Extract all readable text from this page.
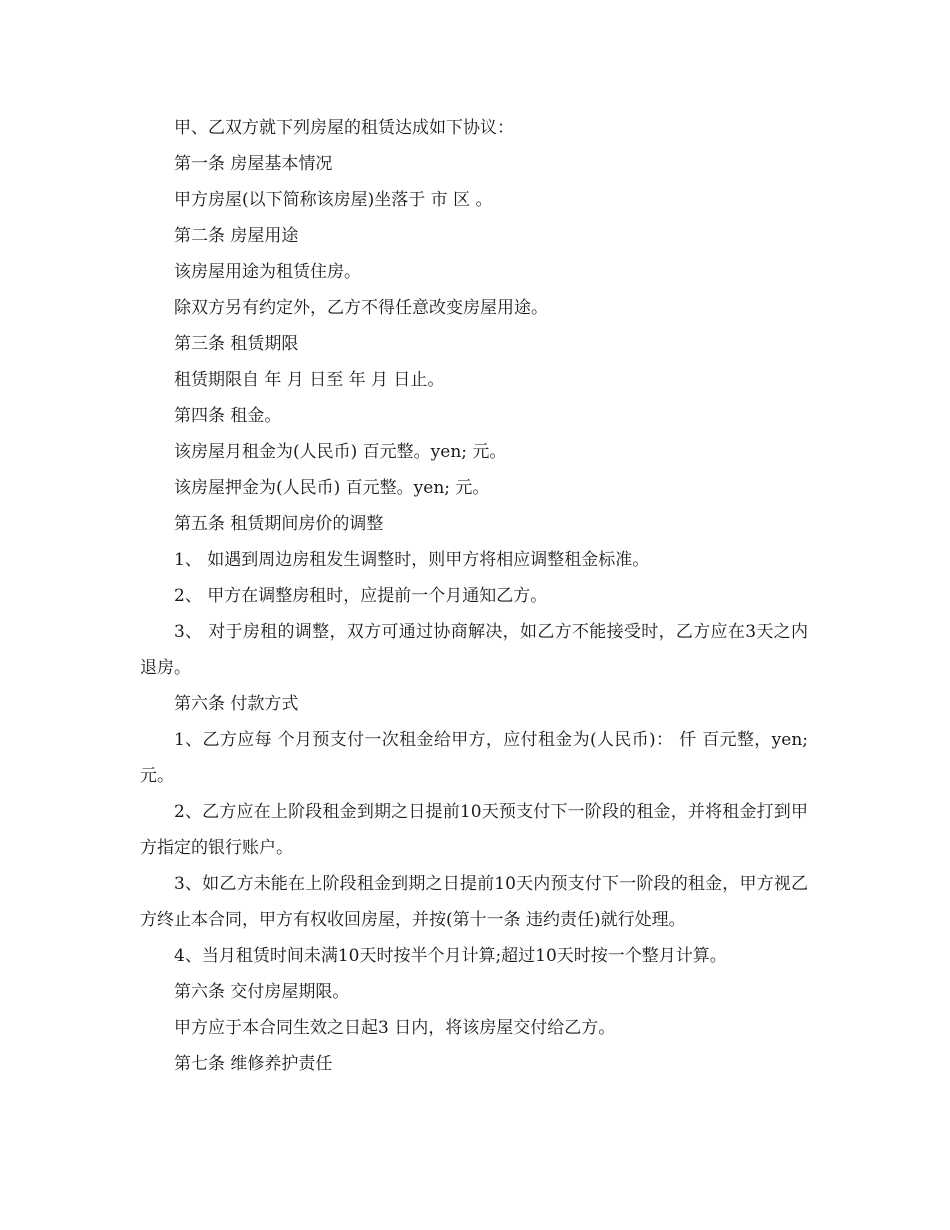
甲、乙双方就下列房屋的租赁达成如下协议：

第一条 房屋基本情况

甲方房屋(以下简称该房屋)坐落于 市 区 。

第二条 房屋用途

该房屋用途为租赁住房。

除双方另有约定外，乙方不得任意改变房屋用途。

第三条 租赁期限

租赁期限自 年 月 日至 年 月 日止。

第四条 租金。

该房屋月租金为(人民币) 百元整。yen; 元。

该房屋押金为(人民币) 百元整。yen; 元。

第五条 租赁期间房价的调整

1、 如遇到周边房租发生调整时，则甲方将相应调整租金标准。

2、 甲方在调整房租时，应提前一个月通知乙方。

3、 对于房租的调整，双方可通过协商解决，如乙方不能接受时，乙方应在3天之内退房。

第六条 付款方式

1、乙方应每 个月预支付一次租金给甲方，应付租金为(人民币)： 仟 百元整，yen; 元。

2、乙方应在上阶段租金到期之日提前10天预支付下一阶段的租金，并将租金打到甲方指定的银行账户。

3、如乙方未能在上阶段租金到期之日提前10天内预支付下一阶段的租金，甲方视乙方终止本合同，甲方有权收回房屋，并按(第十一条 违约责任)就行处理。

4、当月租赁时间未满10天时按半个月计算;超过10天时按一个整月计算。

第六条 交付房屋期限。

甲方应于本合同生效之日起3 日内，将该房屋交付给乙方。

第七条 维修养护责任
